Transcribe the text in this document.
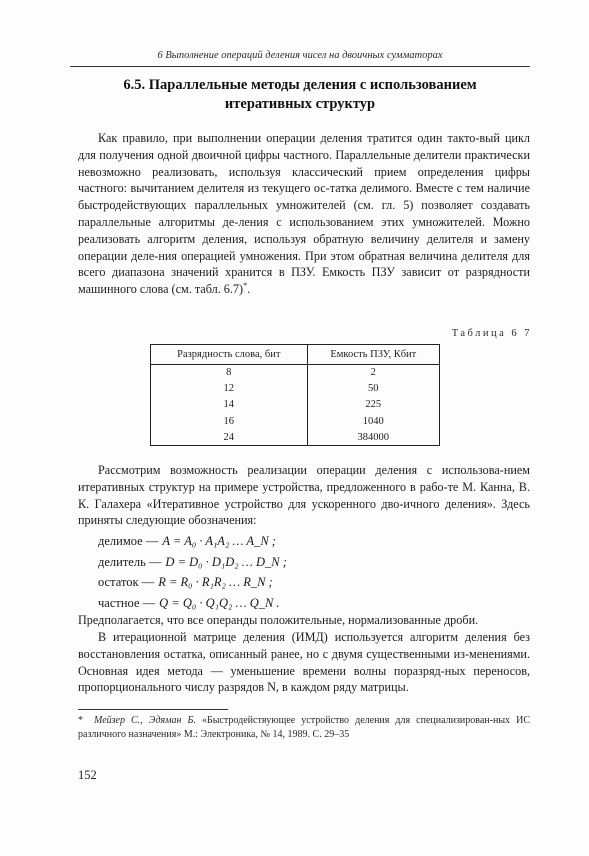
6 Выполнение операций деления чисел на двоичных сумматорах
6.5. Параллельные методы деления с использованием
итеративных структур
Как правило, при выполнении операции деления тратится один такто-вый цикл для получения одной двоичной цифры частного. Параллельные делители практически невозможно реализовать, используя классический прием определения цифры частного: вычитанием делителя из текущего ос-татка делимого. Вместе с тем наличие быстродействующих параллельных умножителей (см. гл. 5) позволяет создавать параллельные алгоритмы де-ления с использованием этих умножителей. Можно реализовать алгоритм деления, используя обратную величину делителя и замену операции деле-ния операцией умножения. При этом обратная величина делителя для всего диапазона значений хранится в ПЗУ. Емкость ПЗУ зависит от разрядности машинного слова (см. табл. 6.7)*.
Таблица 6 7
Разрядность слова, бит	Емкость ПЗУ, Кбит
8	2
12	50
14	225
16	1040
24	384000
Рассмотрим возможность реализации операции деления с использова-нием итеративных структур на примере устройства, предложенного в рабо-те М. Канна, В. К. Галахера «Итеративное устройство для ускоренного дво-ичного деления». Здесь приняты следующие обозначения:
делимое — A = A₀ · A₁A₂ … A_N ;
делитель — D = D₀ · D₁D₂ … D_N ;
остаток — R = R₀ · R₁R₂ … R_N ;
частное — Q = Q₀ · Q₁Q₂ … Q_N .
Предполагается, что все операнды положительные, нормализованные дроби.
В итерационной матрице деления (ИМД) используется алгоритм деления без восстановления остатка, описанный ранее, но с двумя существенными из-менениями. Основная идея метода — уменьшение времени волны поразряд-ных переносов, пропорционального числу разрядов N, в каждом ряду матрицы.
* Мейзер С., Эдяман Б. «Быстродействующее устройство деления для специализирован-ных ИС различного назначения» М.: Электроника, № 14, 1989. С. 29–35
152
